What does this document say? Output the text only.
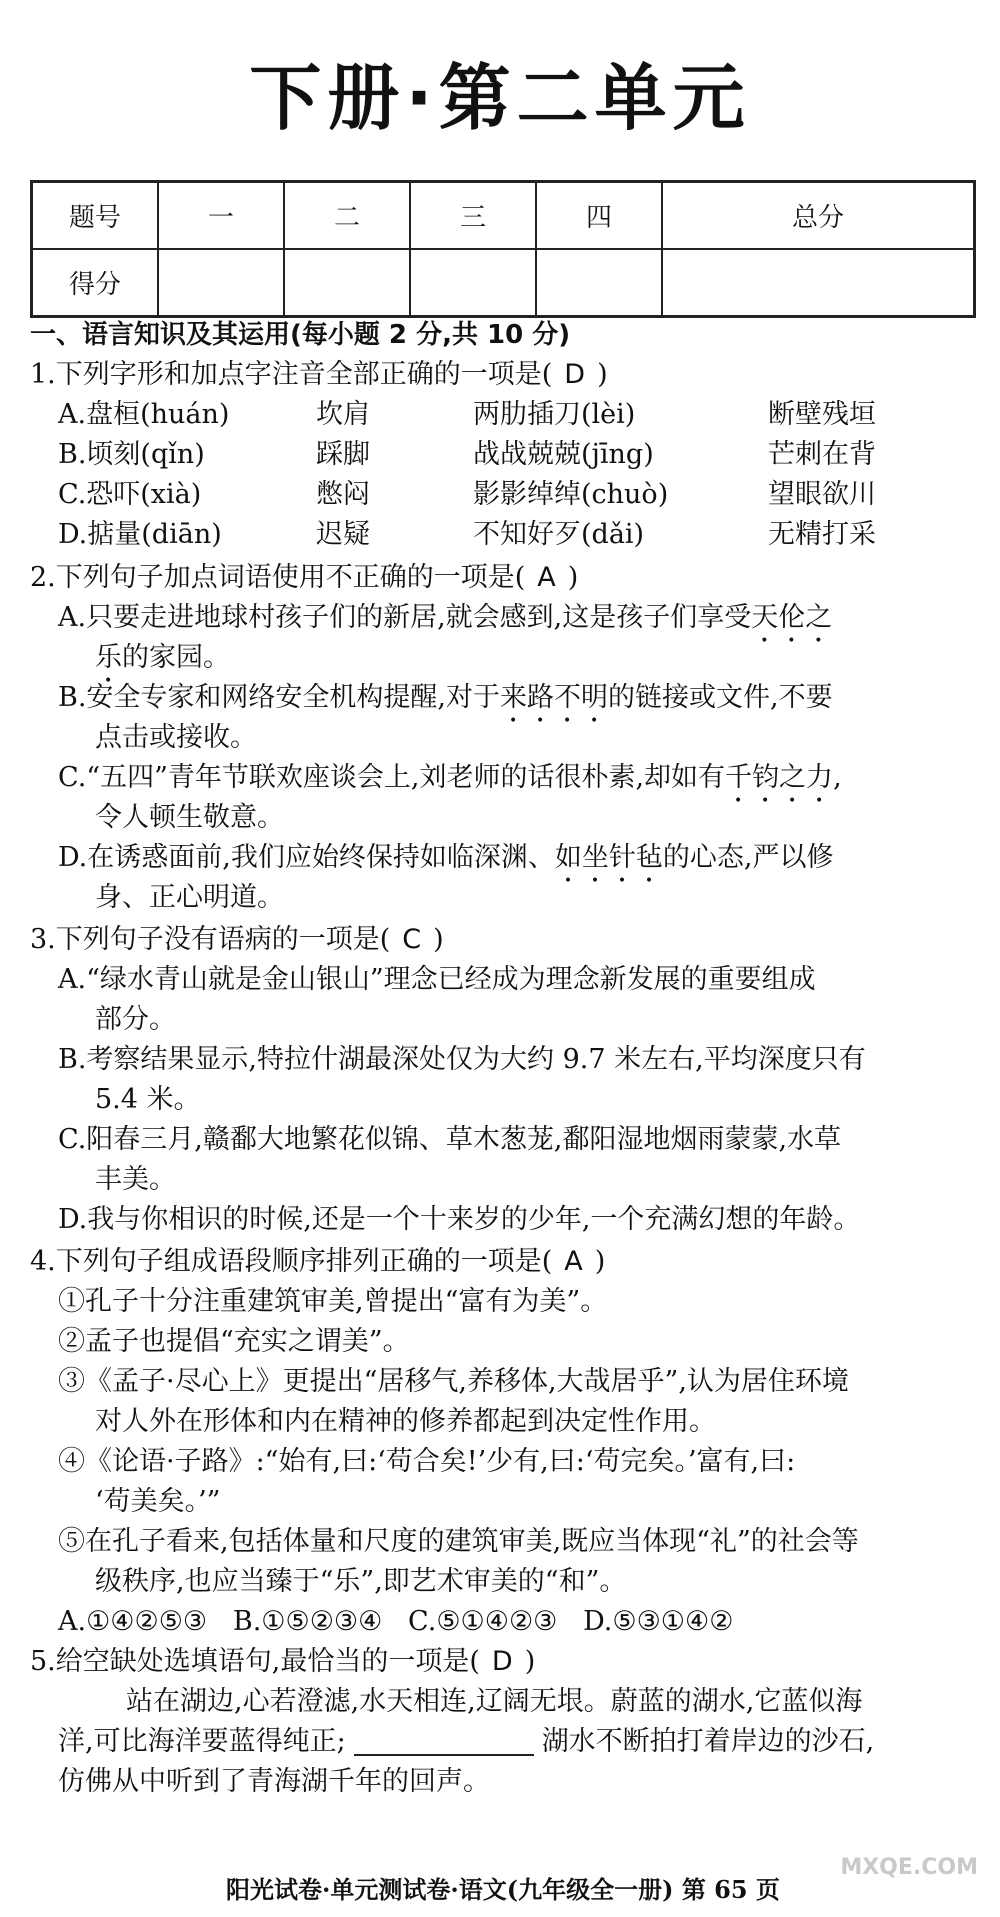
下册·第二单元
题号	一	二	三	四	总分
得分					
一、语言知识及其运用(每小题 2 分,共 10 分)
1.下列字形和加点字注音全部正确的一项是( D )
A.盘桓(huán)	坎肩	两肋插刀(lèi)	断壁残垣
B.顷刻(qǐn)	踩脚	战战兢兢(jīng)	芒刺在背
C.恐吓(xià)	憋闷	影影绰绰(chuò)	望眼欲川
D.掂量(diān)	迟疑	不知好歹(dǎi)	无精打采
2.下列句子加点词语使用不正确的一项是( A )
A.只要走进地球村孩子们的新居,就会感到,这是孩子们享受天伦之
乐的家园。
B.安全专家和网络安全机构提醒,对于来路不明的链接或文件,不要
点击或接收。
C.“五四”青年节联欢座谈会上,刘老师的话很朴素,却如有千钧之力,
令人顿生敬意。
D.在诱惑面前,我们应始终保持如临深渊、如坐针毡的心态,严以修
身、正心明道。
3.下列句子没有语病的一项是( C )
A.“绿水青山就是金山银山”理念已经成为理念新发展的重要组成
部分。
B.考察结果显示,特拉什湖最深处仅为大约 9.7 米左右,平均深度只有
5.4 米。
C.阳春三月,赣鄱大地繁花似锦、草木葱茏,鄱阳湿地烟雨蒙蒙,水草
丰美。
D.我与你相识的时候,还是一个十来岁的少年,一个充满幻想的年龄。
4.下列句子组成语段顺序排列正确的一项是( A )
①孔子十分注重建筑审美,曾提出“富有为美”。
②孟子也提倡“充实之谓美”。
③《孟子·尽心上》更提出“居移气,养移体,大哉居乎”,认为居住环境
对人外在形体和内在精神的修养都起到决定性作用。
④《论语·子路》:“始有,曰:‘苟合矣!’少有,曰:‘苟完矣。’富有,曰:
‘苟美矣。’”
⑤在孔子看来,包括体量和尺度的建筑审美,既应当体现“礼”的社会等
级秩序,也应当臻于“乐”,即艺术审美的“和”。
A.①④②⑤③   B.①⑤②③④   C.⑤①④②③   D.⑤③①④②
5.给空缺处选填语句,最恰当的一项是( D )
站在湖边,心若澄滤,水天相连,辽阔无垠。蔚蓝的湖水,它蓝似海
洋,可比海洋要蓝得纯正;	湖水不断拍打着岸边的沙石,
仿佛从中听到了青海湖千年的回声。
阳光试卷·单元测试卷·语文(九年级全一册) 第 65 页
MXQE.COM
